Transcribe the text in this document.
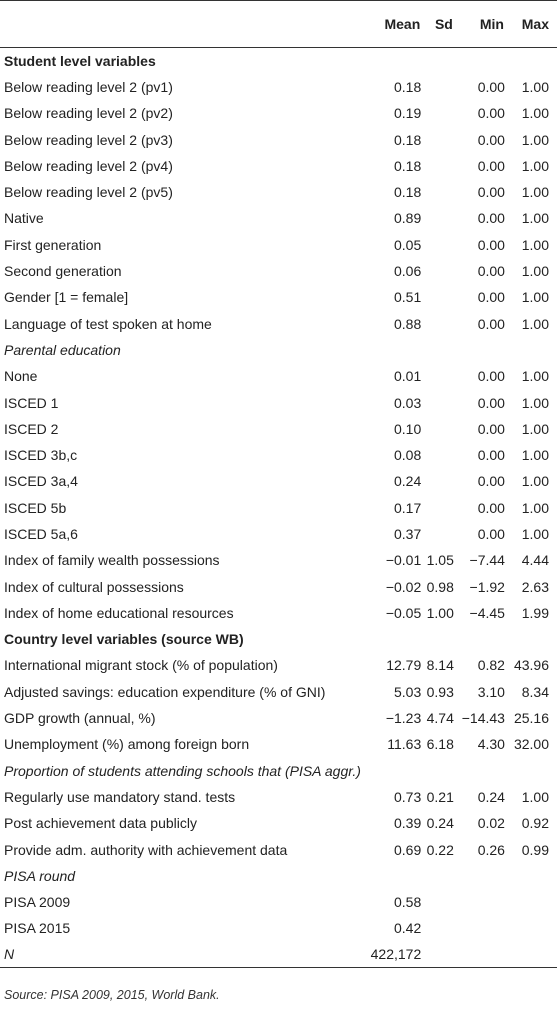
	Mean	Sd	Min	Max
Student level variables				
Below reading level 2 (pv1)	0.18		0.00	1.00
Below reading level 2 (pv2)	0.19		0.00	1.00
Below reading level 2 (pv3)	0.18		0.00	1.00
Below reading level 2 (pv4)	0.18		0.00	1.00
Below reading level 2 (pv5)	0.18		0.00	1.00
Native	0.89		0.00	1.00
First generation	0.05		0.00	1.00
Second generation	0.06		0.00	1.00
Gender [1 = female]	0.51		0.00	1.00
Language of test spoken at home	0.88		0.00	1.00
Parental education				
None	0.01		0.00	1.00
ISCED 1	0.03		0.00	1.00
ISCED 2	0.10		0.00	1.00
ISCED 3b,c	0.08		0.00	1.00
ISCED 3a,4	0.24		0.00	1.00
ISCED 5b	0.17		0.00	1.00
ISCED 5a,6	0.37		0.00	1.00
Index of family wealth possessions	−0.01	1.05	−7.44	4.44
Index of cultural possessions	−0.02	0.98	−1.92	2.63
Index of home educational resources	−0.05	1.00	−4.45	1.99
Country level variables (source WB)				
International migrant stock (% of population)	12.79	8.14	0.82	43.96
Adjusted savings: education expenditure (% of GNI)	5.03	0.93	3.10	8.34
GDP growth (annual, %)	−1.23	4.74	−14.43	25.16
Unemployment (%) among foreign born	11.63	6.18	4.30	32.00
Proportion of students attending schools that (PISA aggr.)				
Regularly use mandatory stand. tests	0.73	0.21	0.24	1.00
Post achievement data publicly	0.39	0.24	0.02	0.92
Provide adm. authority with achievement data	0.69	0.22	0.26	0.99
PISA round				
PISA 2009	0.58			
PISA 2015	0.42			
N	422,172			
Source: PISA 2009, 2015, World Bank.
